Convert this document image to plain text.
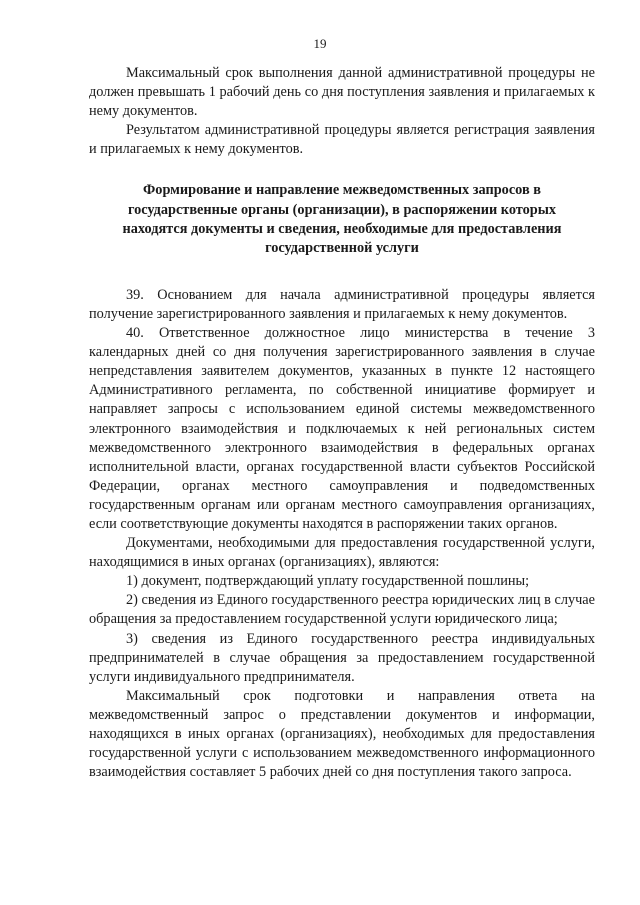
19

Максимальный срок выполнения данной административной процедуры не должен превышать 1 рабочий день со дня поступления заявления и прилагаемых к нему документов.

Результатом административной процедуры является регистрация заявления и прилагаемых к нему документов.

Формирование и направление межведомственных запросов в государственные органы (организации), в распоряжении которых находятся документы и сведения, необходимые для предоставления государственной услуги

39. Основанием для начала административной процедуры является получение зарегистрированного заявления и прилагаемых к нему документов.

40. Ответственное должностное лицо министерства в течение 3 календарных дней со дня получения зарегистрированного заявления в случае непредставления заявителем документов, указанных в пункте 12 настоящего Административного регламента, по собственной инициативе формирует и направляет запросы с использованием единой системы межведомственного электронного взаимодействия и подключаемых к ней региональных систем межведомственного электронного взаимодействия в федеральных органах исполнительной власти, органах государственной власти субъектов Российской Федерации, органах местного самоуправления и подведомственных государственным органам или органам местного самоуправления организациях, если соответствующие документы находятся в распоряжении таких органов.

Документами, необходимыми для предоставления государственной услуги, находящимися в иных органах (организациях), являются:

1) документ, подтверждающий уплату государственной пошлины;

2) сведения из Единого государственного реестра юридических лиц в случае обращения за предоставлением государственной услуги юридического лица;

3) сведения из Единого государственного реестра индивидуальных предпринимателей в случае обращения за предоставлением государственной услуги индивидуального предпринимателя.

Максимальный срок подготовки и направления ответа на межведомственный запрос о представлении документов и информации, находящихся в иных органах (организациях), необходимых для предоставления государственной услуги с использованием межведомственного информационного взаимодействия составляет 5 рабочих дней со дня поступления такого запроса.
